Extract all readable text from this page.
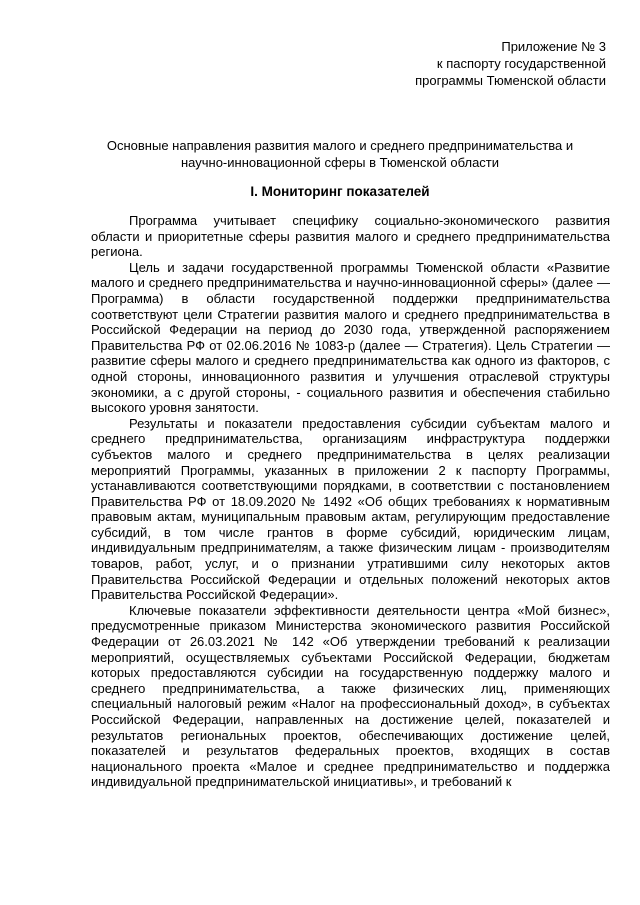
Приложение № 3
к паспорту государственной
программы Тюменской области
Основные направления развития малого и среднего предпринимательства и
научно-инновационной сферы в Тюменской области
I. Мониторинг показателей

Программа учитывает специфику социально-экономического развития области и приоритетные сферы развития малого и среднего предпринимательства региона.

Цель и задачи государственной программы Тюменской области «Развитие малого и среднего предпринимательства и научно-инновационной сферы» (далее — Программа) в области государственной поддержки предпринимательства соответствуют цели Стратегии развития малого и среднего предпринимательства в Российской Федерации на период до 2030 года, утвержденной распоряжением Правительства РФ от 02.06.2016 № 1083-р (далее — Стратегия). Цель Стратегии — развитие сферы малого и среднего предпринимательства как одного из факторов, с одной стороны, инновационного развития и улучшения отраслевой структуры экономики, а с другой стороны, - социального развития и обеспечения стабильно высокого уровня занятости.

Результаты и показатели предоставления субсидии субъектам малого и среднего предпринимательства, организациям инфраструктура поддержки субъектов малого и среднего предпринимательства в целях реализации мероприятий Программы, указанных в приложении 2 к паспорту Программы, устанавливаются соответствующими порядками, в соответствии с постановлением Правительства РФ от 18.09.2020 № 1492 «Об общих требованиях к нормативным правовым актам, муниципальным правовым актам, регулирующим предоставление субсидий, в том числе грантов в форме субсидий, юридическим лицам, индивидуальным предпринимателям, а также физическим лицам - производителям товаров, работ, услуг, и о признании утратившими силу некоторых актов Правительства Российской Федерации и отдельных положений некоторых актов Правительства Российской Федерации».

Ключевые показатели эффективности деятельности центра «Мой бизнес», предусмотренные приказом Министерства экономического развития Российской Федерации от 26.03.2021 № 142 «Об утверждении требований к реализации мероприятий, осуществляемых субъектами Российской Федерации, бюджетам которых предоставляются субсидии на государственную поддержку малого и среднего предпринимательства, а также физических лиц, применяющих специальный налоговый режим «Налог на профессиональный доход», в субъектах Российской Федерации, направленных на достижение целей, показателей и результатов региональных проектов, обеспечивающих достижение целей, показателей и результатов федеральных проектов, входящих в состав национального проекта «Малое и среднее предпринимательство и поддержка индивидуальной предпринимательской инициативы», и требований к
